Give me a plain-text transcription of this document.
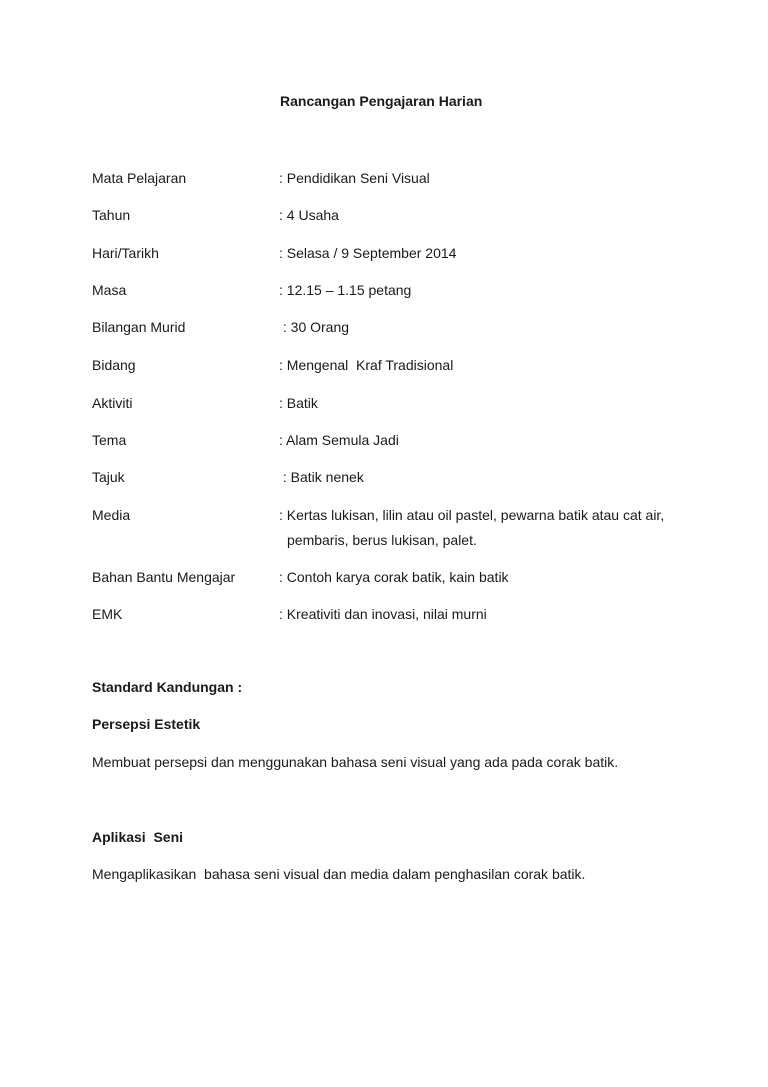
Rancangan Pengajaran Harian
Mata Pelajaran	: Pendidikan Seni Visual
Tahun	: 4 Usaha
Hari/Tarikh	: Selasa / 9 September 2014
Masa	: 12.15 – 1.15 petang
Bilangan Murid	: 30 Orang
Bidang	: Mengenal  Kraf Tradisional
Aktiviti	: Batik
Tema	: Alam Semula Jadi
Tajuk	: Batik nenek
Media	: Kertas lukisan, lilin atau oil pastel, pewarna batik atau cat air,
pembaris, berus lukisan, palet.
Bahan Bantu Mengajar	: Contoh karya corak batik, kain batik
EMK	: Kreativiti dan inovasi, nilai murni
Standard Kandungan :
Persepsi Estetik
Membuat persepsi dan menggunakan bahasa seni visual yang ada pada corak batik.
Aplikasi  Seni
Mengaplikasikan  bahasa seni visual dan media dalam penghasilan corak batik.
